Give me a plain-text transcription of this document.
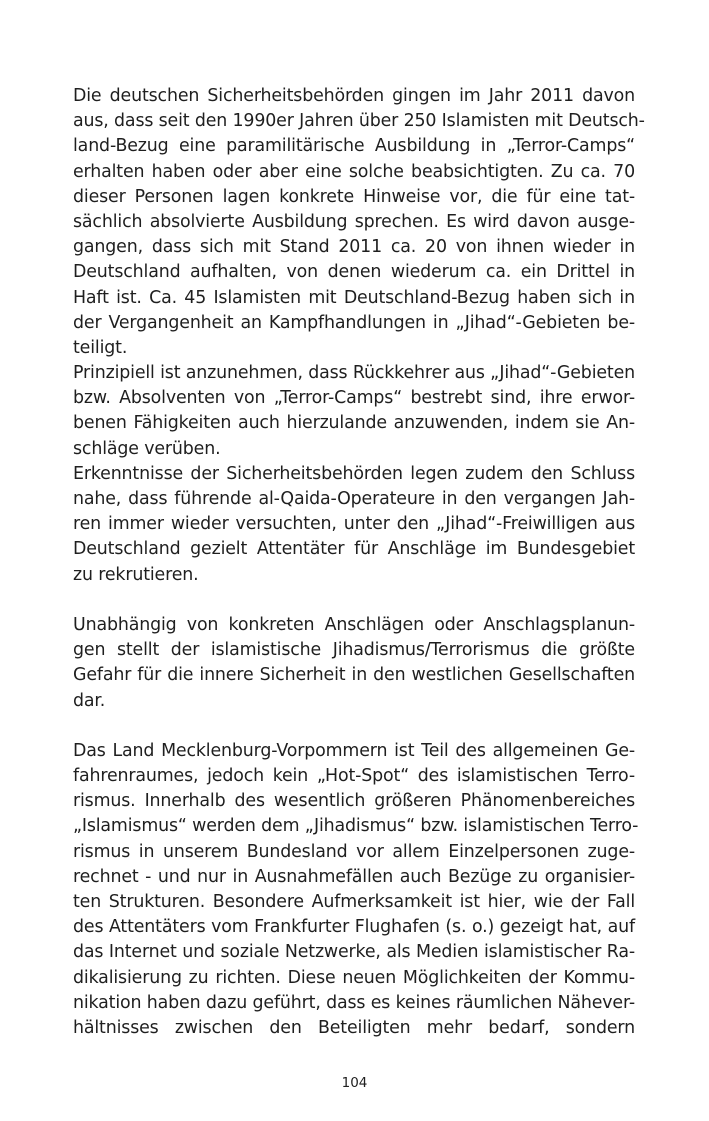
Die deutschen Sicherheitsbehörden gingen im Jahr 2011 davon
aus, dass seit den 1990er Jahren über 250 Islamisten mit Deutsch-
land-Bezug eine paramilitärische Ausbildung in „Terror-Camps“
erhalten haben oder aber eine solche beabsichtigten. Zu ca. 70
dieser Personen lagen konkrete Hinweise vor, die für eine tat-
sächlich absolvierte Ausbildung sprechen. Es wird davon ausge-
gangen, dass sich mit Stand 2011 ca. 20 von ihnen wieder in
Deutschland aufhalten, von denen wiederum ca. ein Drittel in
Haft ist. Ca. 45 Islamisten mit Deutschland-Bezug haben sich in
der Vergangenheit an Kampfhandlungen in „Jihad“-Gebieten be-
teiligt.
Prinzipiell ist anzunehmen, dass Rückkehrer aus „Jihad“-Gebieten
bzw. Absolventen von „Terror-Camps“ bestrebt sind, ihre erwor-
benen Fähigkeiten auch hierzulande anzuwenden, indem sie An-
schläge verüben.
Erkenntnisse der Sicherheitsbehörden legen zudem den Schluss
nahe, dass führende al-Qaida-Operateure in den vergangen Jah-
ren immer wieder versuchten, unter den „Jihad“-Freiwilligen aus
Deutschland gezielt Attentäter für Anschläge im Bundesgebiet
zu rekrutieren.
Unabhängig von konkreten Anschlägen oder Anschlagsplanun-
gen stellt der islamistische Jihadismus/Terrorismus die größte
Gefahr für die innere Sicherheit in den westlichen Gesellschaften
dar.
Das Land Mecklenburg-Vorpommern ist Teil des allgemeinen Ge-
fahrenraumes, jedoch kein „Hot-Spot“ des islamistischen Terro-
rismus. Innerhalb des wesentlich größeren Phänomenbereiches
„Islamismus“ werden dem „Jihadismus“ bzw. islamistischen Terro-
rismus in unserem Bundesland vor allem Einzelpersonen zuge-
rechnet - und nur in Ausnahmefällen auch Bezüge zu organisier-
ten Strukturen. Besondere Aufmerksamkeit ist hier, wie der Fall
des Attentäters vom Frankfurter Flughafen (s. o.) gezeigt hat, auf
das Internet und soziale Netzwerke, als Medien islamistischer Ra-
dikalisierung zu richten. Diese neuen Möglichkeiten der Kommu-
nikation haben dazu geführt, dass es keines räumlichen Nähever-
hältnisses zwischen den Beteiligten mehr bedarf, sondern
104
